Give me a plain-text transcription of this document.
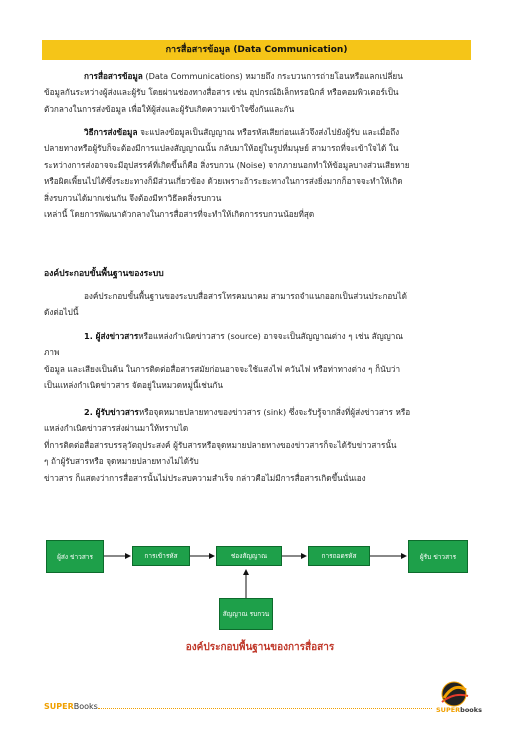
การสื่อสารข้อมูล (Data Communication)
การสื่อสารข้อมูล (Data Communications) หมายถึง กระบวนการถ่ายโอนหรือแลกเปลี่ยน
ข้อมูลกันระหว่างผู้ส่งและผู้รับ โดยผ่านช่องทางสื่อสาร เช่น อุปกรณ์อิเล็กทรอนิกส์ หรือคอมพิวเตอร์เป็น
ตัวกลางในการส่งข้อมูล เพื่อให้ผู้ส่งและผู้รับเกิดความเข้าใจซึ่งกันและกัน
วิธีการส่งข้อมูล จะแปลงข้อมูลเป็นสัญญาณ หรือรหัสเสียก่อนแล้วจึงส่งไปยังผู้รับ และเมื่อถึง
ปลายทางหรือผู้รับก็จะต้องมีการแปลงสัญญาณนั้น กลับมาให้อยู่ในรูปที่มนุษย์ สามารถที่จะเข้าใจได้ ใน
ระหว่างการส่งอาจจะมีอุปสรรค์ที่เกิดขึ้นก็คือ สิ่งรบกวน (Noise) จากภายนอกทำให้ข้อมูลบางส่วนเสียหาย
หรือผิดเพี้ยนไปได้ซึ่งระยะทางก็มีส่วนเกี่ยวข้อง ด้วยเพราะถ้าระยะทางในการส่งยิ่งมากก็อาจจะทำให้เกิด
สิ่งรบกวนได้มากเช่นกัน จึงต้องมีหาวิธีลดสิ่งรบกวน
เหล่านี้ โดยการพัฒนาตัวกลางในการสื่อสารที่จะทำให้เกิดการรบกวนน้อยที่สุด
องค์ประกอบขั้นพื้นฐานของระบบ
องค์ประกอบขั้นพื้นฐานของระบบสื่อสารโทรคมนาคม สามารถจำแนกออกเป็นส่วนประกอบได้
ดังต่อไปนี้
1. ผู้ส่งข่าวสารหรือแหล่งกำเนิดข่าวสาร (source) อาจจะเป็นสัญญาณต่าง ๆ เช่น สัญญาณ
ภาพ
ข้อมูล และเสียงเป็นต้น ในการติดต่อสื่อสารสมัยก่อนอาจจะใช้แสงไฟ ควันไฟ หรือท่าทางต่าง ๆ ก็นับว่า
เป็นแหล่งกำเนิดข่าวสาร จัดอยู่ในหมวดหมู่นี้เช่นกัน
2. ผู้รับข่าวสารหรือจุดหมายปลายทางของข่าวสาร (sink) ซึ่งจะรับรู้จากสิ่งที่ผู้ส่งข่าวสาร หรือ
แหล่งกำเนิดข่าวสารส่งผ่านมาให้ทราบได
ที่การติดต่อสื่อสารบรรลุวัตถุประสงค์ ผู้รับสารหรือจุดหมายปลายทางของข่าวสารก็จะได้รับข่าวสารนั้น
ๆ ถ้าผู้รับสารหรือ จุดหมายปลายทางไม่ได้รับ
ข่าวสาร ก็แสดงว่าการสื่อสารนั้นไม่ประสบความสำเร็จ กล่าวคือไม่มีการสื่อสารเกิดขึ้นนั่นเอง
ผู้ส่ง ข่าวสาร	การเข้ารหัส	ช่องสัญญาณ	การถอดรหัส	ผู้รับ ข่าวสาร
สัญญาณ รบกวน
องค์ประกอบพื้นฐานของการสื่อสาร
SUPERBooks	SUPERbooks
